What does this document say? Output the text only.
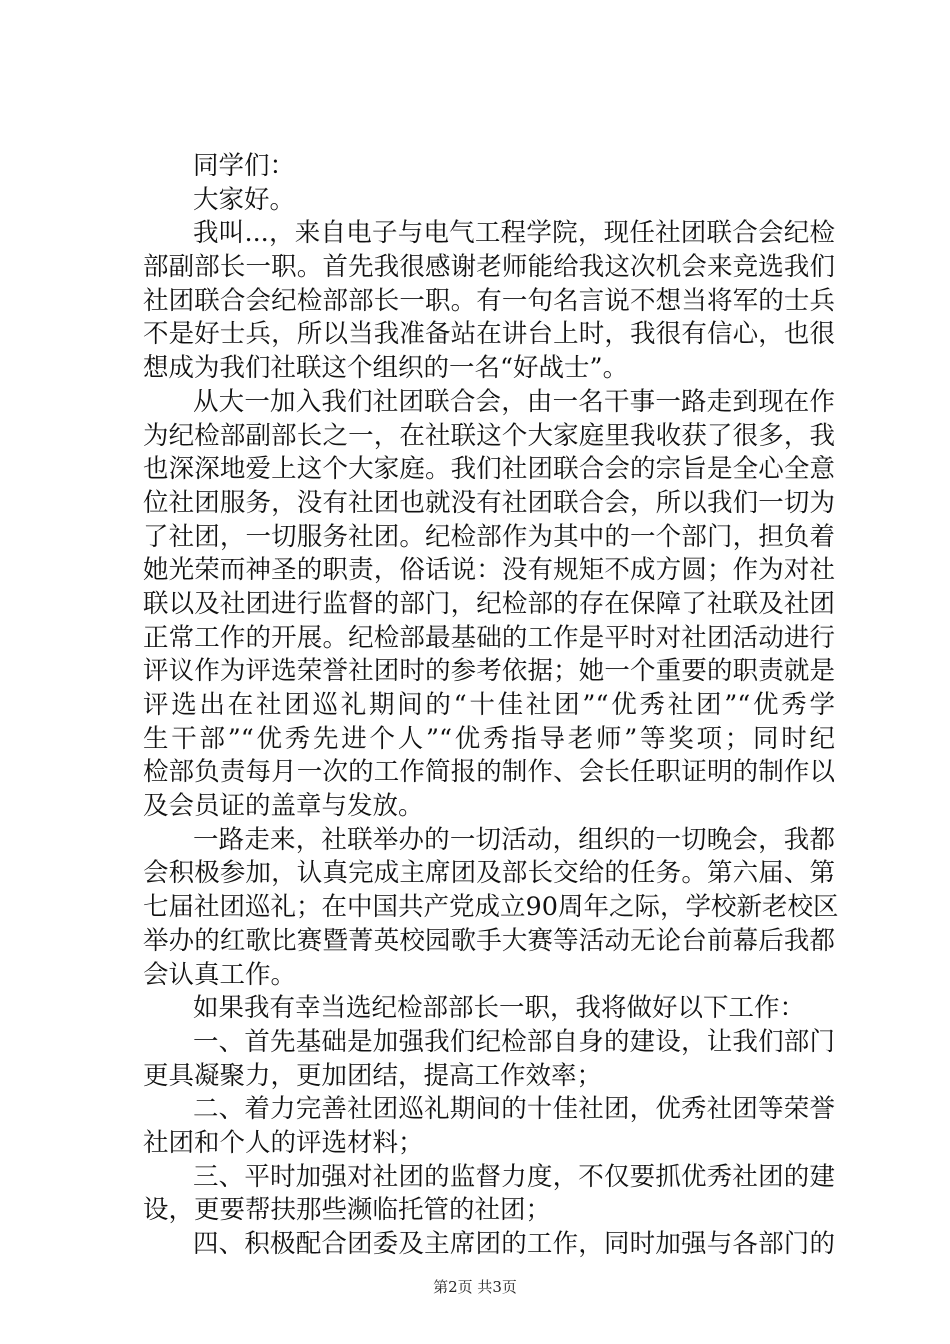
同学们：
大家好。
我叫...，来自电子与电气工程学院，现任社团联合会纪检
部副部长一职。首先我很感谢老师能给我这次机会来竞选我们
社团联合会纪检部部长一职。有一句名言说不想当将军的士兵
不是好士兵，所以当我准备站在讲台上时，我很有信心，也很
想成为我们社联这个组织的一名“好战士”。
从大一加入我们社团联合会，由一名干事一路走到现在作
为纪检部副部长之一，在社联这个大家庭里我收获了很多，我
也深深地爱上这个大家庭。我们社团联合会的宗旨是全心全意
位社团服务，没有社团也就没有社团联合会，所以我们一切为
了社团，一切服务社团。纪检部作为其中的一个部门，担负着
她光荣而神圣的职责，俗话说：没有规矩不成方圆；作为对社
联以及社团进行监督的部门，纪检部的存在保障了社联及社团
正常工作的开展。纪检部最基础的工作是平时对社团活动进行
评议作为评选荣誉社团时的参考依据；她一个重要的职责就是
评选出在社团巡礼期间的“十佳社团”“优秀社团”“优秀学
生干部”“优秀先进个人”“优秀指导老师”等奖项；同时纪
检部负责每月一次的工作简报的制作、会长任职证明的制作以
及会员证的盖章与发放。
一路走来，社联举办的一切活动，组织的一切晚会，我都
会积极参加，认真完成主席团及部长交给的任务。第六届、第
七届社团巡礼；在中国共产党成立90周年之际，学校新老校区
举办的红歌比赛暨菁英校园歌手大赛等活动无论台前幕后我都
会认真工作。
如果我有幸当选纪检部部长一职，我将做好以下工作：
一、首先基础是加强我们纪检部自身的建设，让我们部门
更具凝聚力，更加团结，提高工作效率；
二、着力完善社团巡礼期间的十佳社团，优秀社团等荣誉
社团和个人的评选材料；
三、平时加强对社团的监督力度，不仅要抓优秀社团的建
设，更要帮扶那些濒临托管的社团；
四、积极配合团委及主席团的工作，同时加强与各部门的
第2页 共3页
